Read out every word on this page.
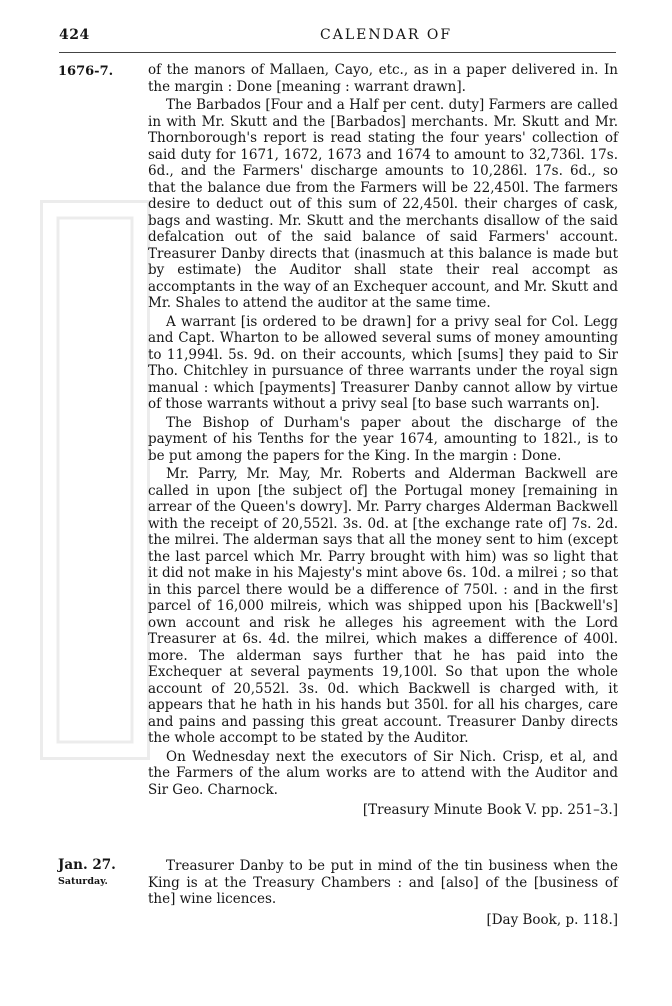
424	CALENDAR OF
1676-7.	of the manors of Mallaen, Cayo, etc., as in a paper delivered in. In the margin : Done [meaning : warrant drawn].

The Barbados [Four and a Half per cent. duty] Farmers are called in with Mr. Skutt and the [Barbados] merchants. Mr. Skutt and Mr. Thornborough's report is read stating the four years' collection of said duty for 1671, 1672, 1673 and 1674 to amount to 32,736l. 17s. 6d., and the Farmers' discharge amounts to 10,286l. 17s. 6d., so that the balance due from the Farmers will be 22,450l. The farmers desire to deduct out of this sum of 22,450l. their charges of cask, bags and wasting. Mr. Skutt and the merchants disallow of the said defalcation out of the said balance of said Farmers' account. Treasurer Danby directs that (inasmuch at this balance is made but by estimate) the Auditor shall state their real accompt as accomptants in the way of an Exchequer account, and Mr. Skutt and Mr. Shales to attend the auditor at the same time.

A warrant [is ordered to be drawn] for a privy seal for Col. Legg and Capt. Wharton to be allowed several sums of money amounting to 11,994l. 5s. 9d. on their accounts, which [sums] they paid to Sir Tho. Chitchley in pursuance of three warrants under the royal sign manual : which [payments] Treasurer Danby cannot allow by virtue of those warrants without a privy seal [to base such warrants on].

The Bishop of Durham's paper about the discharge of the payment of his Tenths for the year 1674, amounting to 182l., is to be put among the papers for the King. In the margin : Done.

Mr. Parry, Mr. May, Mr. Roberts and Alderman Backwell are called in upon [the subject of] the Portugal money [remaining in arrear of the Queen's dowry]. Mr. Parry charges Alderman Backwell with the receipt of 20,552l. 3s. 0d. at [the exchange rate of] 7s. 2d. the milrei. The alderman says that all the money sent to him (except the last parcel which Mr. Parry brought with him) was so light that it did not make in his Majesty's mint above 6s. 10d. a milrei ; so that in this parcel there would be a difference of 750l. : and in the first parcel of 16,000 milreis, which was shipped upon his [Backwell's] own account and risk he alleges his agreement with the Lord Treasurer at 6s. 4d. the milrei, which makes a difference of 400l. more. The alderman says further that he has paid into the Exchequer at several payments 19,100l. So that upon the whole account of 20,552l. 3s. 0d. which Backwell is charged with, it appears that he hath in his hands but 350l. for all his charges, care and pains and passing this great account. Treasurer Danby directs the whole accompt to be stated by the Auditor.

On Wednesday next the executors of Sir Nich. Crisp, et al, and the Farmers of the alum works are to attend with the Auditor and Sir Geo. Charnock.

[Treasury Minute Book V. pp. 251–3.]

Jan. 27.
Saturday.

Treasurer Danby to be put in mind of the tin business when the King is at the Treasury Chambers : and [also] of the [business of the] wine licences.

[Day Book, p. 118.]
